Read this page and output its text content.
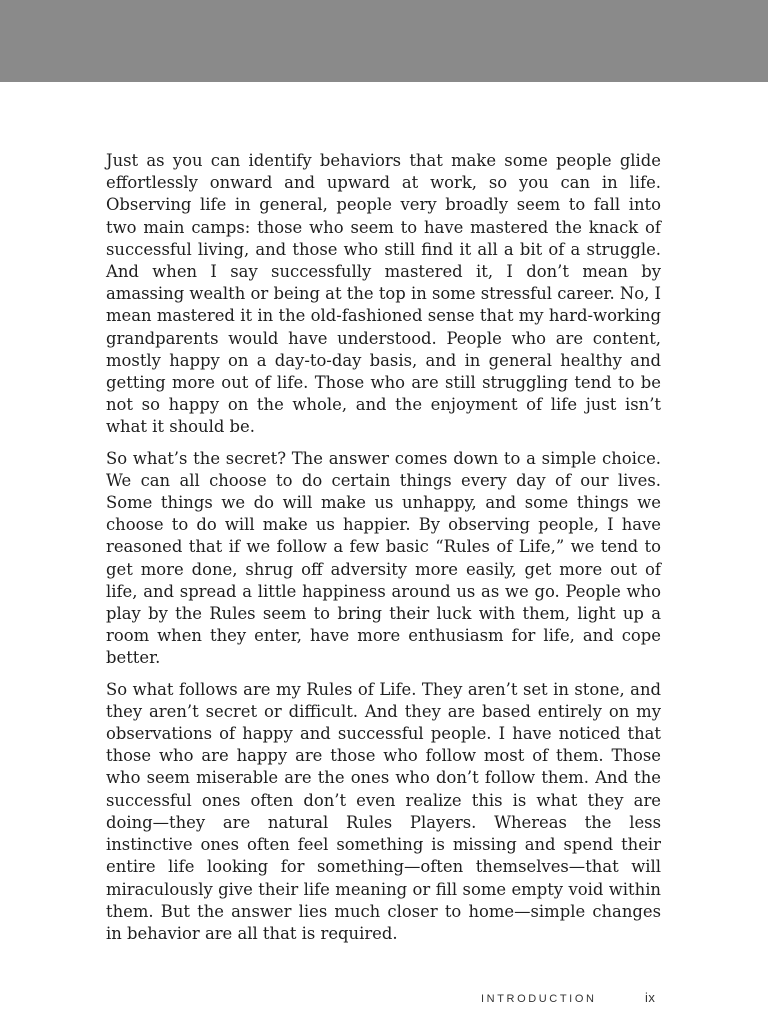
Just as you can identify behaviors that make some people glide effortlessly onward and upward at work, so you can in life. Observing life in general, people very broadly seem to fall into two main camps: those who seem to have mastered the knack of successful living, and those who still find it all a bit of a struggle. And when I say successfully mastered it, I don’t mean by amassing wealth or being at the top in some stressful career. No, I mean mastered it in the old-fashioned sense that my hard-working grandparents would have understood. People who are content, mostly happy on a day-to-day basis, and in general healthy and getting more out of life. Those who are still struggling tend to be not so happy on the whole, and the enjoyment of life just isn’t what it should be.

So what’s the secret? The answer comes down to a simple choice. We can all choose to do certain things every day of our lives. Some things we do will make us unhappy, and some things we choose to do will make us happier. By observing people, I have reasoned that if we follow a few basic “Rules of Life,” we tend to get more done, shrug off adversity more easily, get more out of life, and spread a little happiness around us as we go. People who play by the Rules seem to bring their luck with them, light up a room when they enter, have more enthusiasm for life, and cope better.

So what follows are my Rules of Life. They aren’t set in stone, and they aren’t secret or difficult. And they are based entirely on my observations of happy and successful people. I have noticed that those who are happy are those who follow most of them. Those who seem miserable are the ones who don’t follow them. And the successful ones often don’t even realize this is what they are doing—they are natural Rules Players. Whereas the less instinctive ones often feel something is missing and spend their entire life looking for something—often themselves—that will miraculously give their life meaning or fill some empty void within them. But the answer lies much closer to home—simple changes in behavior are all that is required.

INTRODUCTION	ix
